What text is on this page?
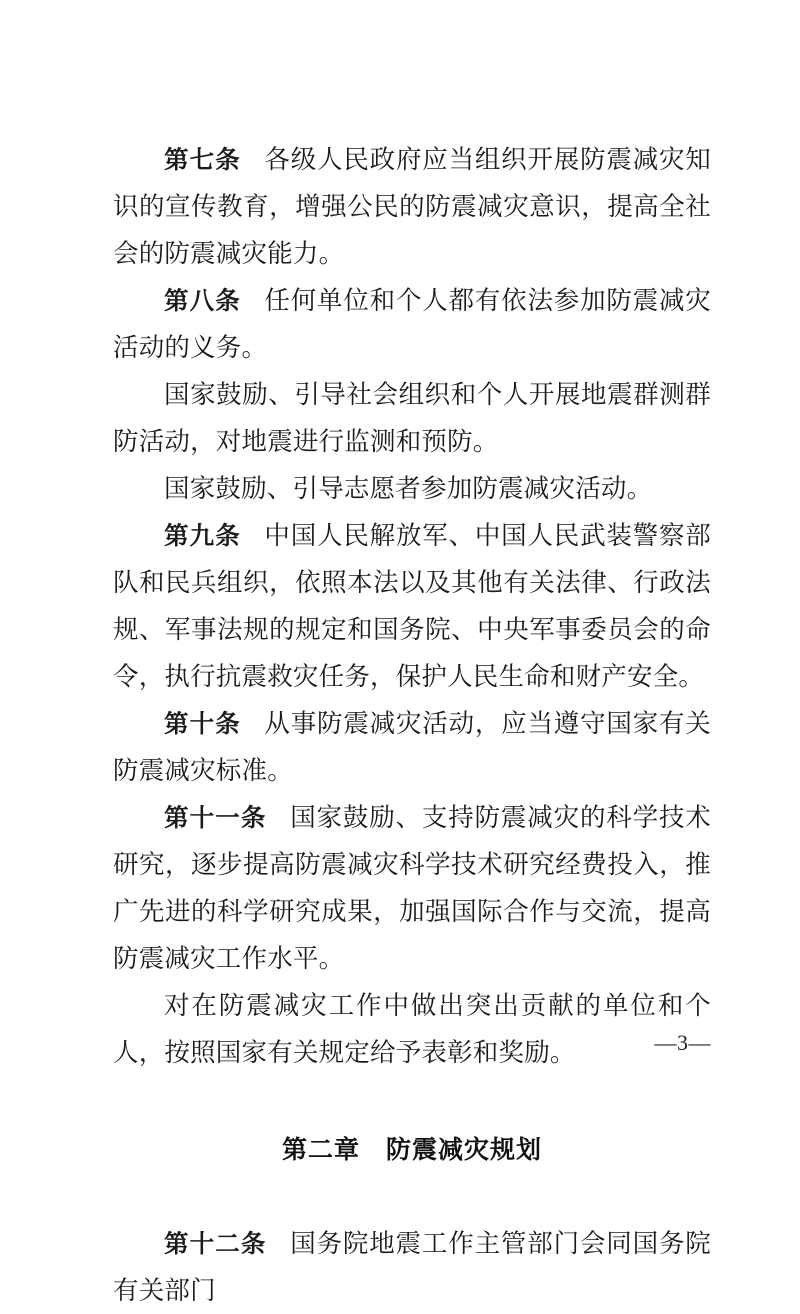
第七条 各级人民政府应当组织开展防震减灾知识的宣传教育，增强公民的防震减灾意识，提高全社会的防震减灾能力。

第八条 任何单位和个人都有依法参加防震减灾活动的义务。

国家鼓励、引导社会组织和个人开展地震群测群防活动，对地震进行监测和预防。

国家鼓励、引导志愿者参加防震减灾活动。

第九条 中国人民解放军、中国人民武装警察部队和民兵组织，依照本法以及其他有关法律、行政法规、军事法规的规定和国务院、中央军事委员会的命令，执行抗震救灾任务，保护人民生命和财产安全。

第十条 从事防震减灾活动，应当遵守国家有关防震减灾标准。

第十一条 国家鼓励、支持防震减灾的科学技术研究，逐步提高防震减灾科学技术研究经费投入，推广先进的科学研究成果，加强国际合作与交流，提高防震减灾工作水平。

对在防震减灾工作中做出突出贡献的单位和个人，按照国家有关规定给予表彰和奖励。

第二章 防震减灾规划

第十二条 国务院地震工作主管部门会同国务院有关部门

—3—
